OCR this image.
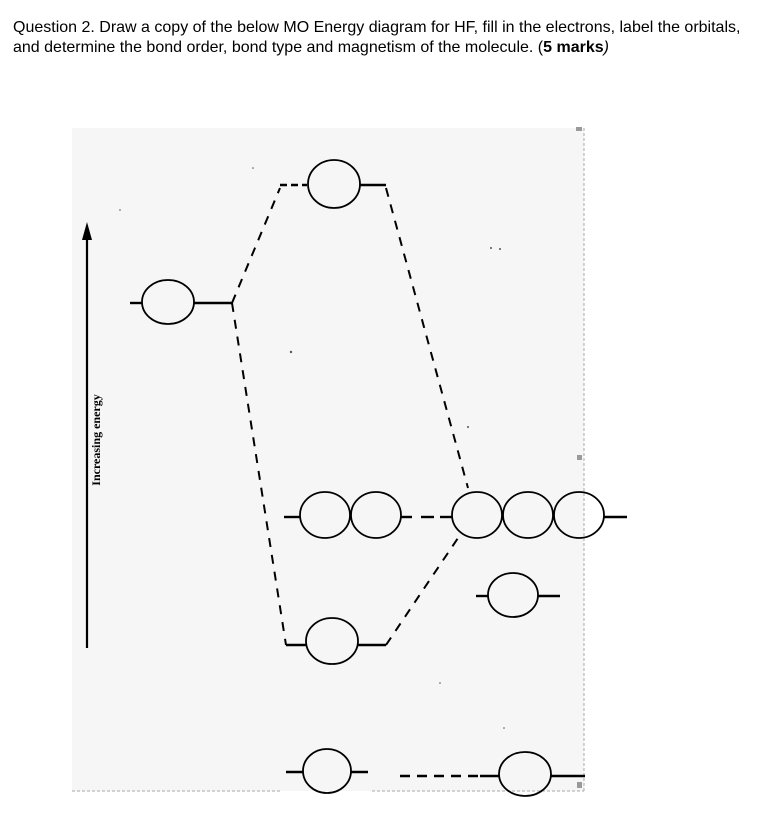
Question 2. Draw a copy of the below MO Energy diagram for HF, fill in the electrons, label the orbitals, and determine the bond order, bond type and magnetism of the molecule. (5 marks)

Increasing energy
